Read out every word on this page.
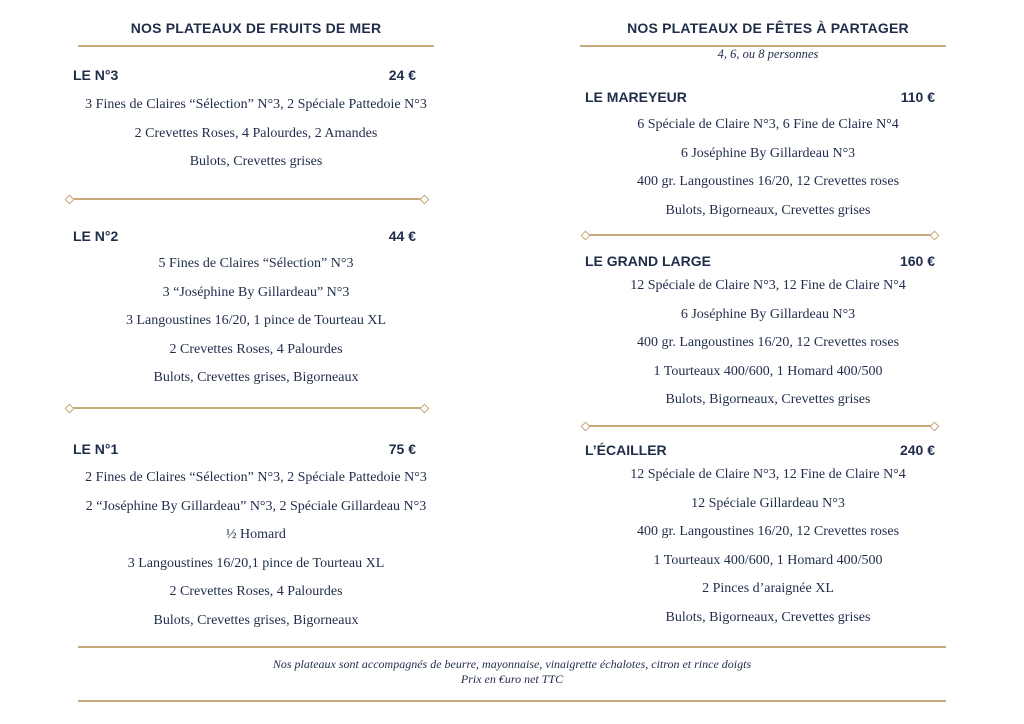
NOS PLATEAUX DE FRUITS DE MER	NOS PLATEAUX DE FÊTES À PARTAGER
4, 6, ou 8 personnes
LE N°3	24 €
3 Fines de Claires “Sélection” N°3, 2 Spéciale Pattedoie N°3
2 Crevettes Roses, 4 Palourdes, 2 Amandes
Bulots, Crevettes grises
LE N°2	44 €
5 Fines de Claires “Sélection” N°3
3 “Joséphine By Gillardeau” N°3
3 Langoustines 16/20, 1 pince de Tourteau XL
2 Crevettes Roses, 4 Palourdes
Bulots, Crevettes grises, Bigorneaux
LE N°1	75 €
2 Fines de Claires “Sélection” N°3, 2 Spéciale Pattedoie N°3
2 “Joséphine By Gillardeau” N°3, 2 Spéciale Gillardeau N°3
½ Homard
3 Langoustines 16/20,1 pince de Tourteau XL
2 Crevettes Roses, 4 Palourdes
Bulots, Crevettes grises, Bigorneaux
LE MAREYEUR	110 €
6 Spéciale de Claire N°3, 6 Fine de Claire N°4
6 Joséphine By Gillardeau N°3
400 gr. Langoustines 16/20, 12 Crevettes roses
Bulots, Bigorneaux, Crevettes grises
LE GRAND LARGE	160 €
12 Spéciale de Claire N°3, 12 Fine de Claire N°4
6 Joséphine By Gillardeau N°3
400 gr. Langoustines 16/20, 12 Crevettes roses
1 Tourteaux 400/600, 1 Homard 400/500
Bulots, Bigorneaux, Crevettes grises
L’ÉCAILLER	240 €
12 Spéciale de Claire N°3, 12 Fine de Claire N°4
12 Spéciale Gillardeau N°3
400 gr. Langoustines 16/20, 12 Crevettes roses
1 Tourteaux 400/600, 1 Homard 400/500
2 Pinces d’araignée XL
Bulots, Bigorneaux, Crevettes grises
Nos plateaux sont accompagnés de beurre, mayonnaise, vinaigrette échalotes, citron et rince doigts
Prix en €uro net TTC
